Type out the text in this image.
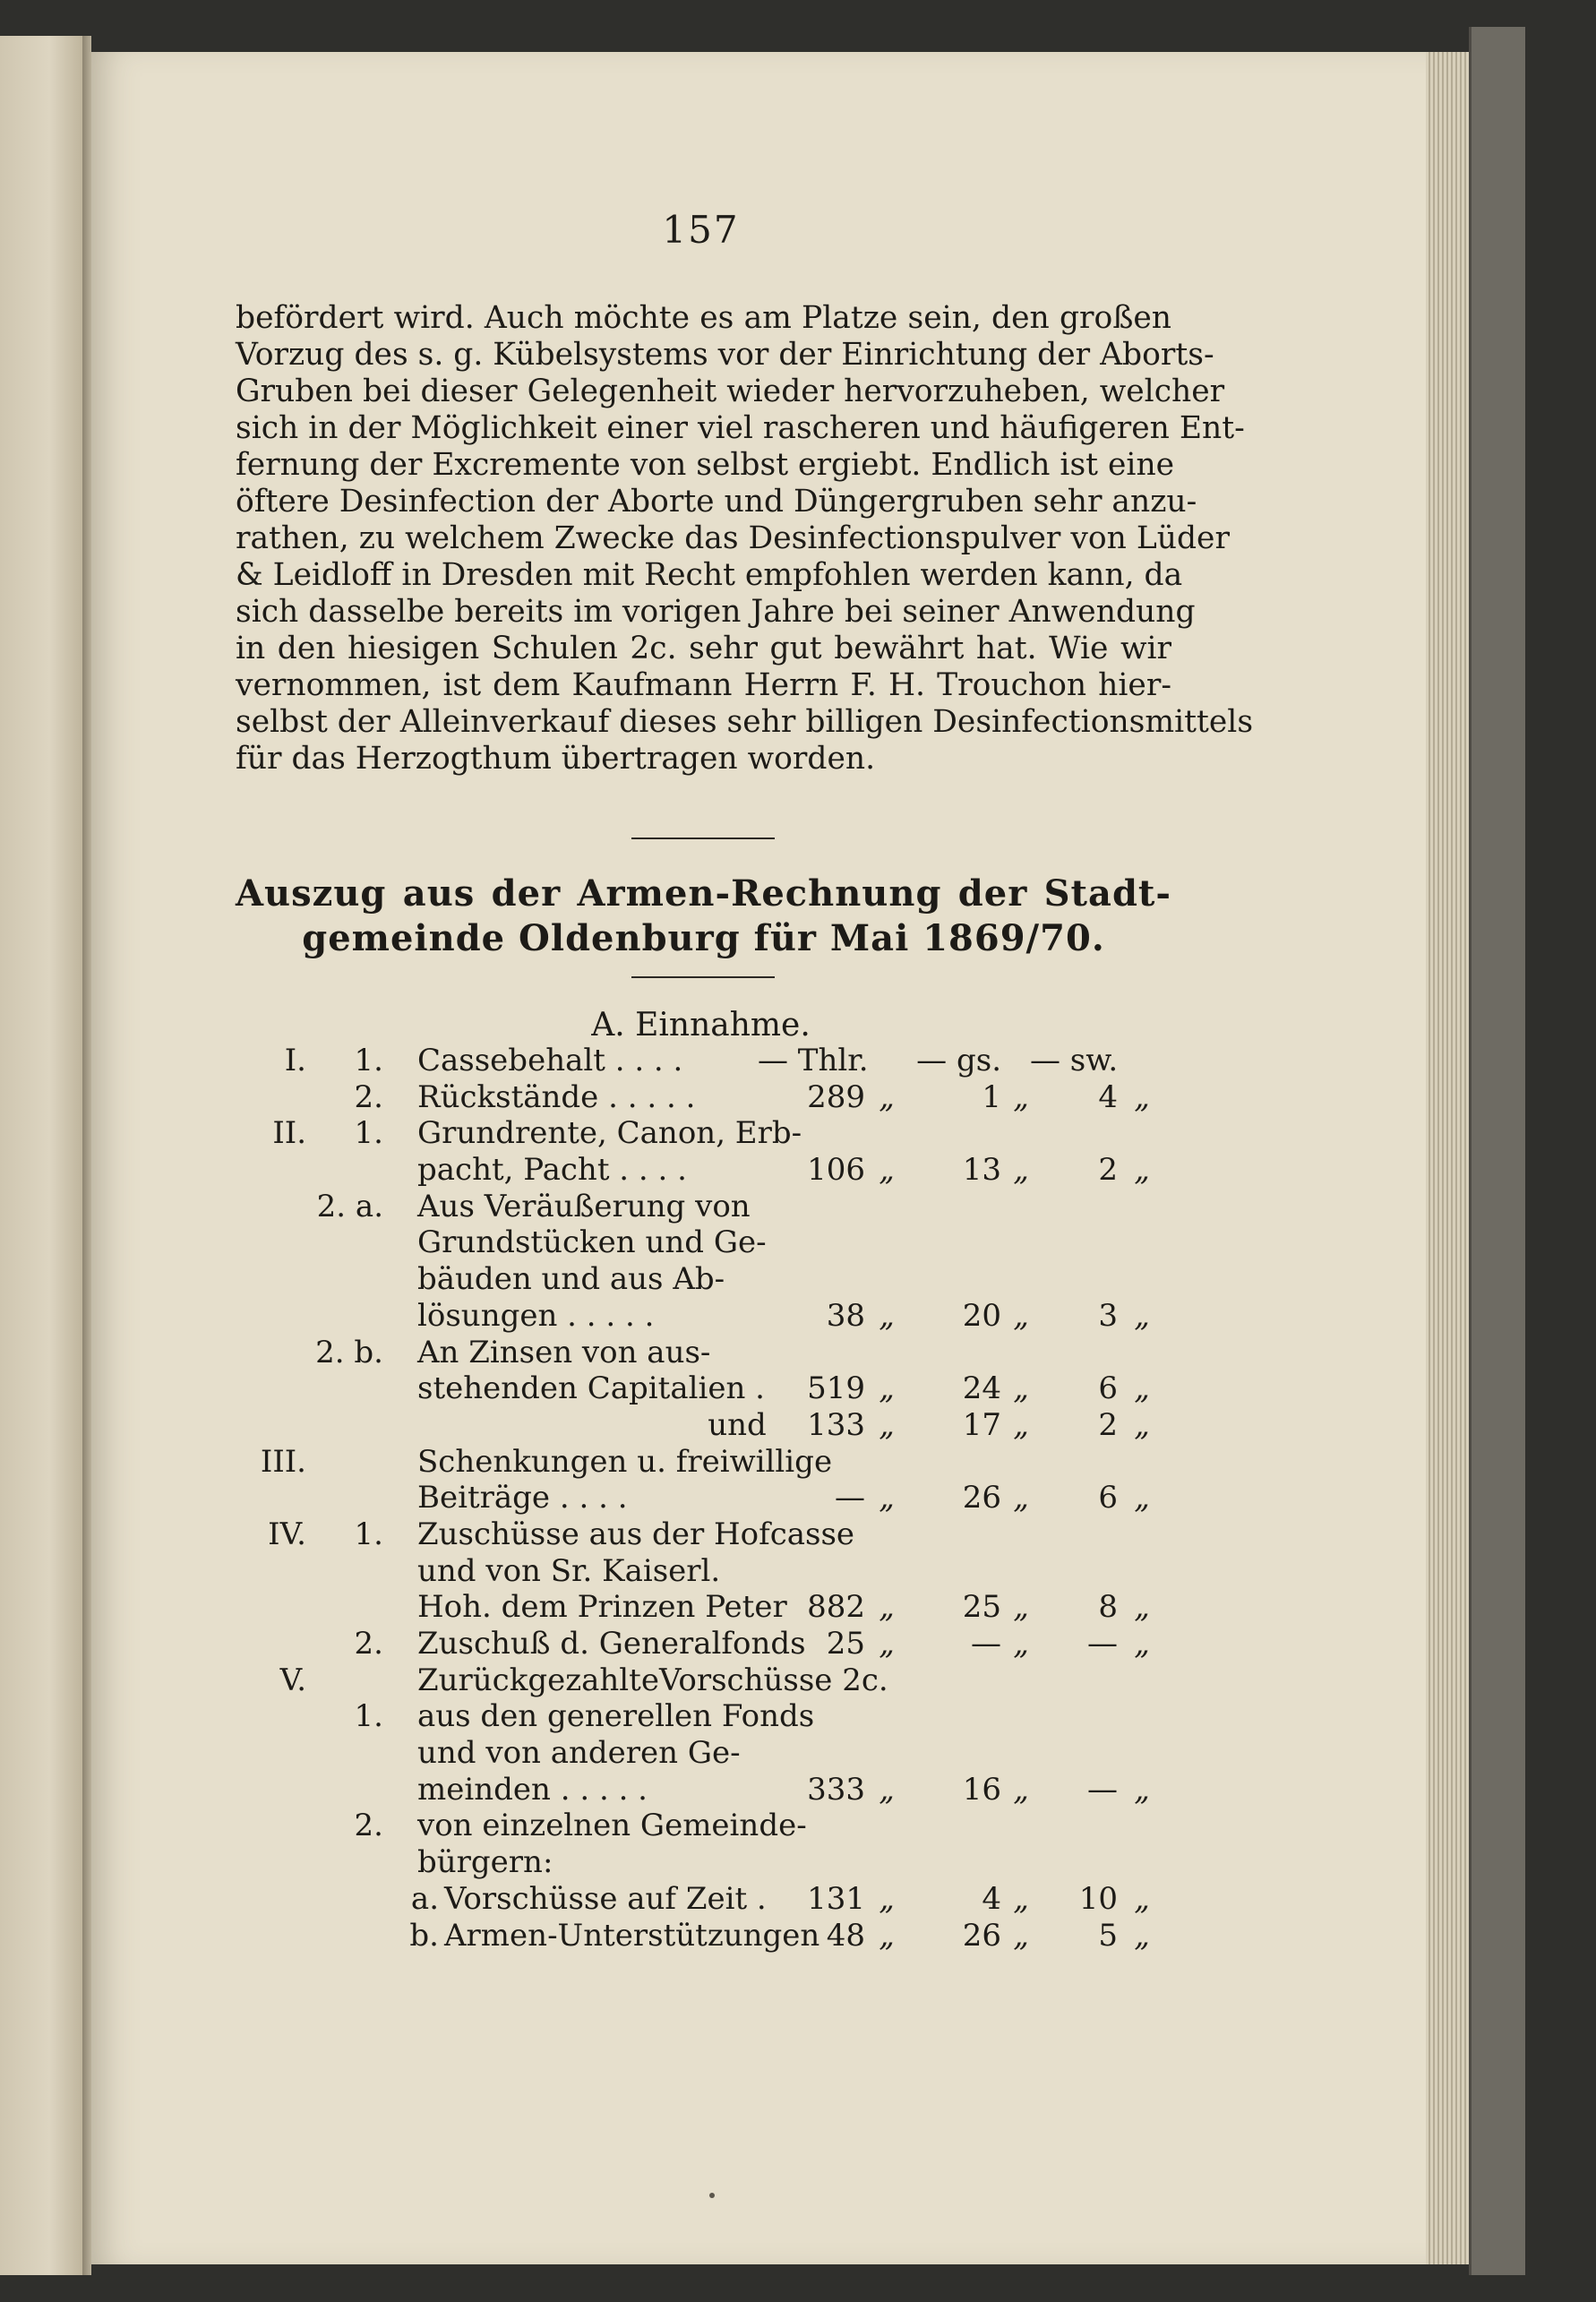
157
befördert wird. Auch möchte es am Platze sein, den großen
Vorzug des s. g. Kübelsystems vor der Einrichtung der Aborts-
Gruben bei dieser Gelegenheit wieder hervorzuheben, welcher
sich in der Möglichkeit einer viel rascheren und häufigeren Ent-
fernung der Excremente von selbst ergiebt. Endlich ist eine
öftere Desinfection der Aborte und Düngergruben sehr anzu-
rathen, zu welchem Zwecke das Desinfectionspulver von Lüder
& Leidloff in Dresden mit Recht empfohlen werden kann, da
sich dasselbe bereits im vorigen Jahre bei seiner Anwendung
in den hiesigen Schulen 2c. sehr gut bewährt hat. Wie wir
vernommen, ist dem Kaufmann Herrn F. H. Trouchon hier-
selbst der Alleinverkauf dieses sehr billigen Desinfectionsmittels
für das Herzogthum übertragen worden.
Auszug aus der Armen-Rechnung der Stadt-
gemeinde Oldenburg für Mai 1869/70.
A. Einnahme.
I.	1. Cassebehalt . . . . — Thlr.	— gs. — sw.
2. Rückstände . . . . .	289 „	1 „	4 „
II.	1. Grundrente, Canon, Erb-
pacht, Pacht . . . .	106 „	13 „	2 „
2. a. Aus Veräußerung von
Grundstücken und Ge-
bäuden und aus Ab-
lösungen . . . . .	38 „	20 „	3 „
2. b. An Zinsen von aus-
stehenden Capitalien .	519 „	24 „	6 „
und	133 „	17 „	2 „
III.	Schenkungen u. freiwillige
Beiträge . . . .	— „	26 „	6 „
IV.	1. Zuschüsse aus der Hofcasse
und von Sr. Kaiserl.
Hoh. dem Prinzen Peter 882 „	25 „	8 „
2. Zuschuß d. Generalfonds 25 „	— „	— „
V.	ZurückgezahlteVorschüsse 2c.
1. aus den generellen Fonds
und von anderen Ge-
meinden . . . . .	333 „	16 „	— „
2. von einzelnen Gemeinde-
bürgern:
a. Vorschüsse auf Zeit .	131 „	4 „	10 „
b. Armen-Unterstützungen 48 „	26 „	5 „
